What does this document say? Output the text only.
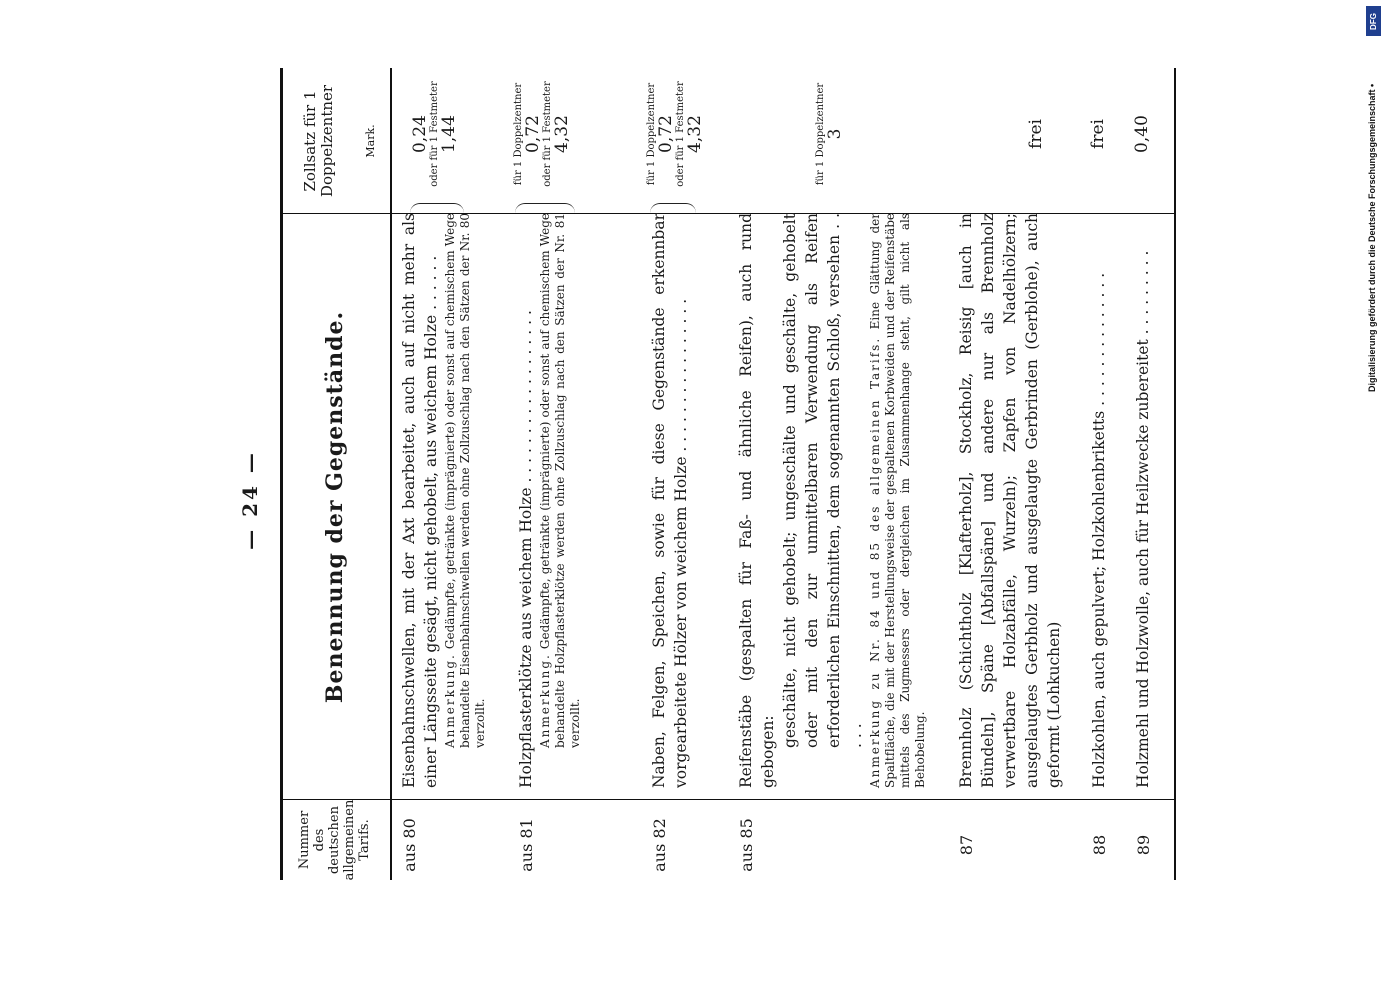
— 24 —
Nummer des deutschen allgemeinen Tarifs.
Benennung der Gegenstände.
Zollsatz für 1 Doppelzentner	Mark.
aus 80
Eisenbahnschwellen, mit der Axt bearbeitet, auch auf nicht mehr als einer Längsseite gesägt, nicht gehobelt, aus weichem Holze . . . . . . Anmerkung. Gedämpfte, getränkte (imprägnierte) oder sonst auf chemischem Wege behandelte Eisenbahnschwellen werden ohne Zollzuschlag nach den Sätzen der Nr. 80 verzollt.
0,24 oder für 1 Festmeter 1,44
aus 81
Holzpflasterklötze aus weichem Holze . . . . . . . . . . . . . . . . . . Anmerkung. Gedämpfte, getränkte (imprägnierte) oder sonst auf chemischem Wege behandelte Holzpflasterklötze werden ohne Zollzuschlag nach den Sätzen der Nr. 81 verzollt.
für 1 Doppelzentner 0,72 oder für 1 Festmeter 4,32
aus 82
Naben, Felgen, Speichen, sowie für diese Gegenstände erkennbar vorgearbeitete Hölzer von weichem Holze . . . . . . . . . . . . . . . .
für 1 Doppelzentner 0,72 oder für 1 Festmeter 4,32
aus 85
Reifenstäbe (gespalten für Faß- und ähnliche Reifen), auch rund gebogen:
geschälte, nicht gehobelt; ungeschälte und geschälte, gehobelt oder mit den zur unmittelbaren Verwendung als Reifen erforderlichen Einschnitten, dem sogenannten Schloß, versehen . . . . . Anmerkung zu Nr. 84 und 85 des allgemeinen Tarifs. Eine Glättung der Spaltfläche, die mit der Herstellungsweise der gespaltenen Korbweiden und der Reifenstäbe mittels des Zugmessers oder dergleichen im Zusammenhange steht, gilt nicht als Behobelung.
für 1 Doppelzentner 3
87
Brennholz (Schichtholz [Klafterholz], Stockholz, Reisig [auch in Bündeln], Späne [Abfallspäne] und andere nur als Brennholz verwertbare Holzabfälle, Wurzeln); Zapfen von Nadelhölzern; ausgelaugtes Gerbholz und ausgelaugte Gerbrinden (Gerblohe), auch geformt (Lohkuchen)
frei
88
Holzkohlen, auch gepulvert; Holzkohlenbriketts . . . . . . . . . . . . . .
frei
89
Holzmehl und Holzwolle, auch für Heilzwecke zubereitet . . . . . . . . .
0,40
DFG
Digitalisierung gefördert durch die Deutsche Forschungsgemeinschaft •
